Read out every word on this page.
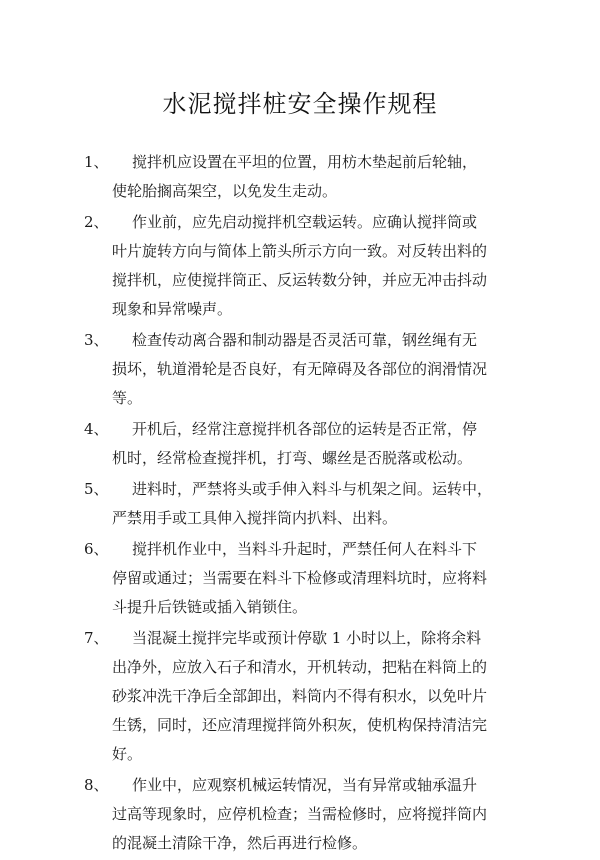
水泥搅拌桩安全操作规程
1、	搅拌机应设置在平坦的位置，用枋木垫起前后轮轴，
使轮胎搁高架空，以免发生走动。
2、	作业前，应先启动搅拌机空载运转。应确认搅拌筒或
叶片旋转方向与简体上箭头所示方向一致。对反转出料的
搅拌机，应使搅拌筒正、反运转数分钟，并应无冲击抖动
现象和异常噪声。
3、	检查传动离合器和制动器是否灵活可靠，钢丝绳有无
损坏，轨道滑轮是否良好，有无障碍及各部位的润滑情况
等。
4、	开机后，经常注意搅拌机各部位的运转是否正常，停
机时，经常检查搅拌机，打弯、螺丝是否脱落或松动。
5、	进料时，严禁将头或手伸入料斗与机架之间。运转中，
严禁用手或工具伸入搅拌筒内扒料、出料。
6、	搅拌机作业中，当料斗升起时，严禁任何人在料斗下
停留或通过；当需要在料斗下检修或清理料坑时，应将料
斗提升后铁链或插入销锁住。
7、	当混凝土搅拌完毕或预计停歇 1 小时以上，除将余料
出净外，应放入石子和清水，开机转动，把粘在料筒上的
砂浆冲洗干净后全部卸出，料筒内不得有积水，以免叶片
生锈，同时，还应清理搅拌筒外积灰，使机构保持清洁完
好。
8、	作业中，应观察机械运转情况，当有异常或轴承温升
过高等现象时，应停机检查；当需检修时，应将搅拌筒内
的混凝土清除干净，然后再进行检修。
